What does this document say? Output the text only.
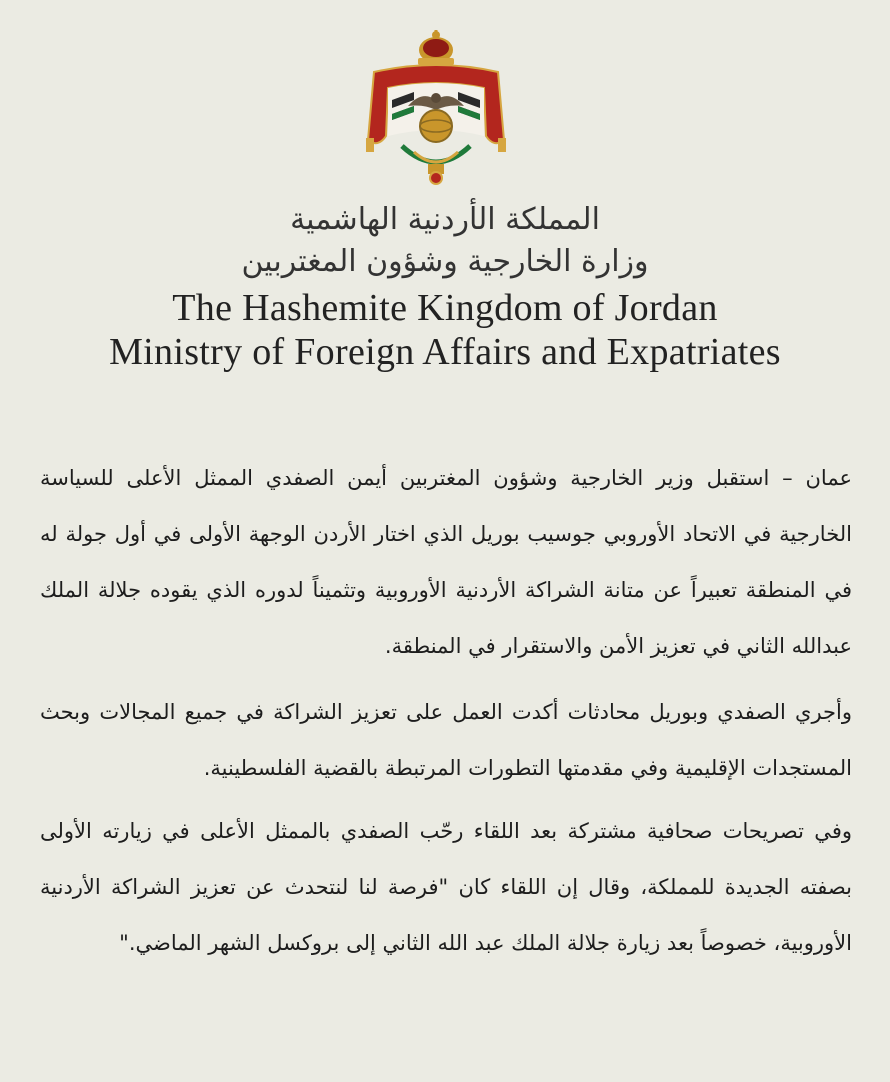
المملكة الأردنية الهاشمية
وزارة الخارجية وشؤون المغتربين
The Hashemite Kingdom of Jordan
Ministry of Foreign Affairs and Expatriates
عمان – استقبل وزير الخارجية وشؤون المغتربين أيمن الصفدي الممثل الأعلى للسياسة الخارجية في الاتحاد الأوروبي جوسيب بوريل الذي اختار الأردن الوجهة الأولى في أول جولة له في المنطقة تعبيراً عن متانة الشراكة الأردنية الأوروبية وتثميناً لدوره الذي يقوده جلالة الملك عبدالله الثاني في تعزيز الأمن والاستقرار في المنطقة.
وأجري الصفدي وبوريل محادثات أكدت العمل على تعزيز الشراكة في جميع المجالات وبحث المستجدات الإقليمية وفي مقدمتها التطورات المرتبطة بالقضية الفلسطينية.
وفي تصريحات صحافية مشتركة بعد اللقاء رحّب الصفدي بالممثل الأعلى في زيارته الأولى بصفته الجديدة للمملكة، وقال إن اللقاء كان "فرصة لنا لنتحدث عن تعزيز الشراكة الأردنية الأوروبية، خصوصاً بعد زيارة جلالة الملك عبد الله الثاني إلى بروكسل الشهر الماضي."
